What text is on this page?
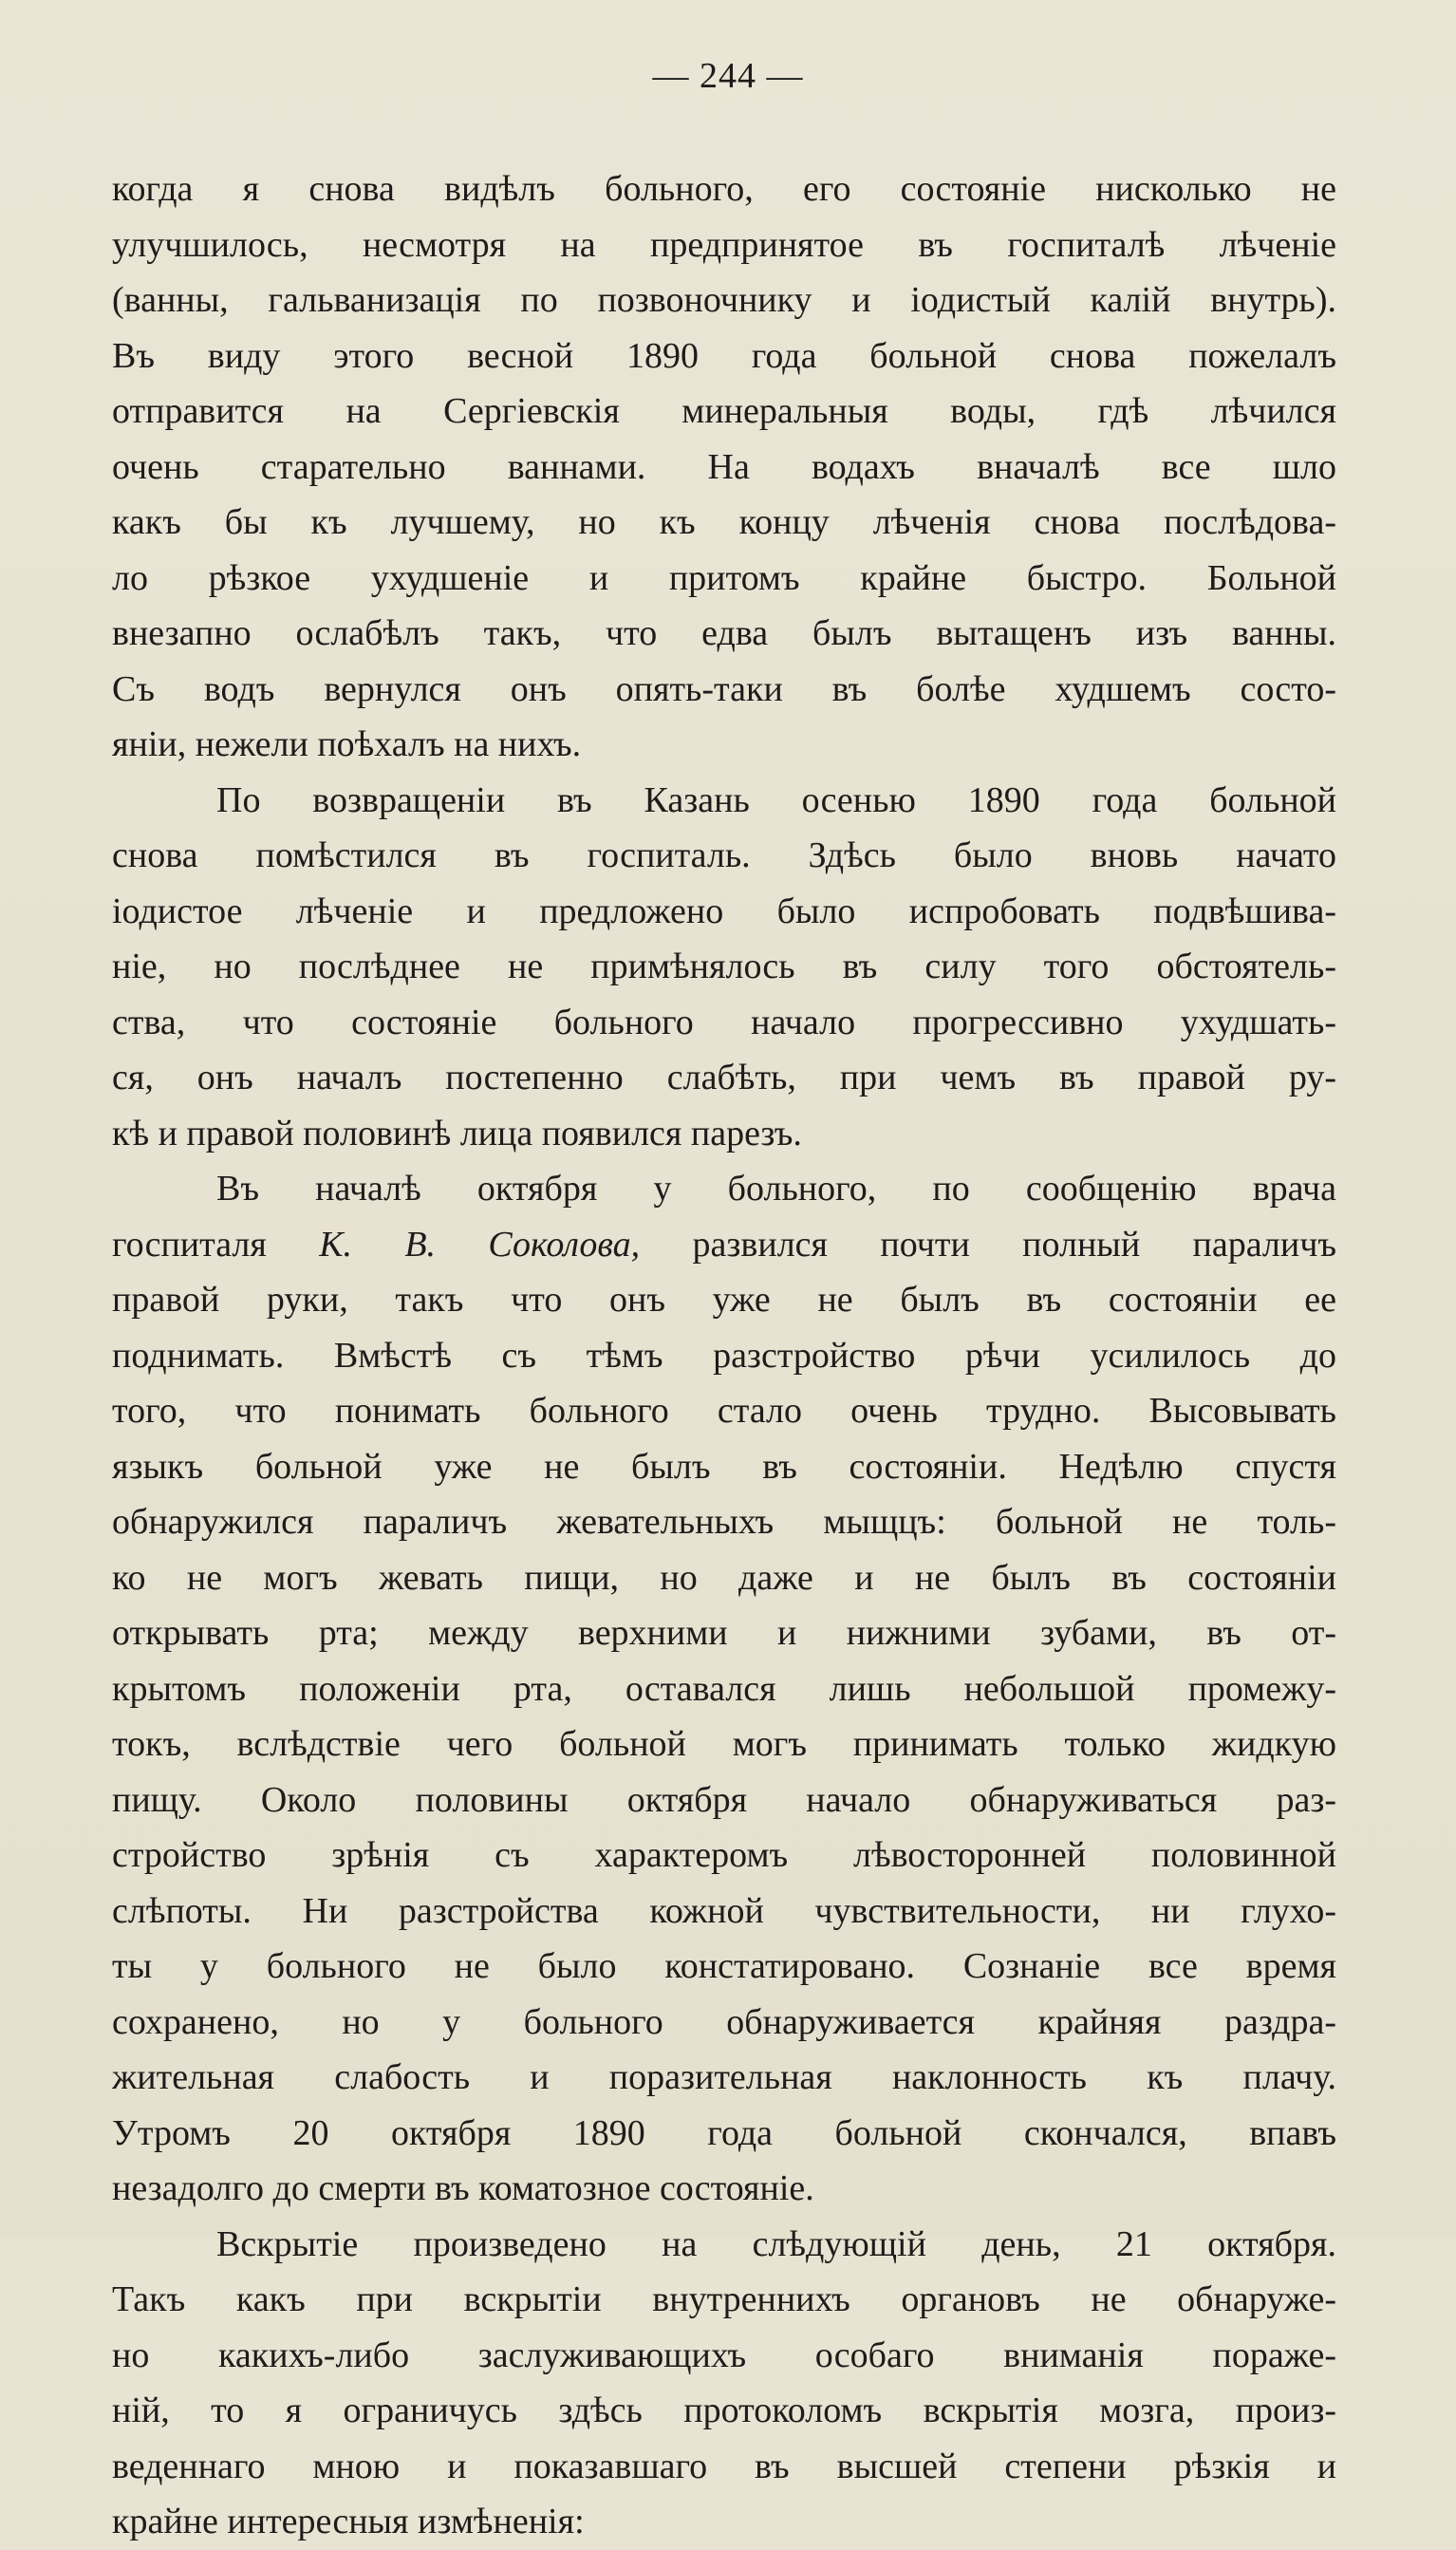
— 244 —
когда я снова видѣлъ больного, его состоянiе нисколько не
улучшилось, несмотря на предпринятое въ госпиталѣ лѣченiе
(ванны, гальванизацiя по позвоночнику и iодистый калiй внутрь).
Въ виду этого весной 1890 года больной снова пожелалъ
отправится на Сергiевскiя минеральныя воды, гдѣ лѣчился
очень старательно ваннами. На водахъ вначалѣ все шло
какъ бы къ лучшему, но къ концу лѣченiя снова послѣдова-
ло рѣзкое ухудшенiе и притомъ крайне быстро. Больной
внезапно ослабѣлъ такъ, что едва былъ вытащенъ изъ ванны.
Съ водъ вернулся онъ опять-таки въ болѣе худшемъ состо-
янiи, нежели поѣхалъ на нихъ.
По возвращенiи въ Казань осенью 1890 года больной
снова помѣстился въ госпиталь. Здѣсь было вновь начато
iодистое лѣченiе и предложено было испробовать подвѣшива-
нiе, но послѣднее не примѣнялось въ силу того обстоятель-
ства, что состоянiе больного начало прогрессивно ухудшать-
ся, онъ началъ постепенно слабѣть, при чемъ въ правой ру-
кѣ и правой половинѣ лица появился парезъ.
Въ началѣ октября у больного, по сообщенiю врача
госпиталя К. В. Соколова, развился почти полный параличъ
правой руки, такъ что онъ уже не былъ въ состоянiи ее
поднимать. Вмѣстѣ съ тѣмъ разстройство рѣчи усилилось до
того, что понимать больного стало очень трудно. Высовывать
языкъ больной уже не былъ въ состоянiи. Недѣлю спустя
обнаружился параличъ жевательныхъ мыщцъ: больной не толь-
ко не могъ жевать пищи, но даже и не былъ въ состоянiи
открывать рта; между верхними и нижними зубами, въ от-
крытомъ положенiи рта, оставался лишь небольшой промежу-
токъ, вслѣдствiе чего больной могъ принимать только жидкую
пищу. Около половины октября начало обнаруживаться раз-
стройство зрѣнiя съ характеромъ лѣвосторонней половинной
слѣпоты. Ни разстройства кожной чувствительности, ни глухо-
ты у больного не было констатировано. Сознанiе все время
сохранено, но у больного обнаруживается крайняя раздра-
жительная слабость и поразительная наклонность къ плачу.
Утромъ 20 октября 1890 года больной скончался, впавъ
незадолго до смерти въ коматозное состоянiе.
Вскрытiе произведено на слѣдующiй день, 21 октября.
Такъ какъ при вскрытiи внутреннихъ органовъ не обнаруже-
но какихъ-либо заслуживающихъ особаго вниманiя пораже-
нiй, то я ограничусь здѣсь протоколомъ вскрытiя мозга, произ-
веденнаго мною и показавшаго въ высшей степени рѣзкiя и
крайне интересныя измѣненiя:
